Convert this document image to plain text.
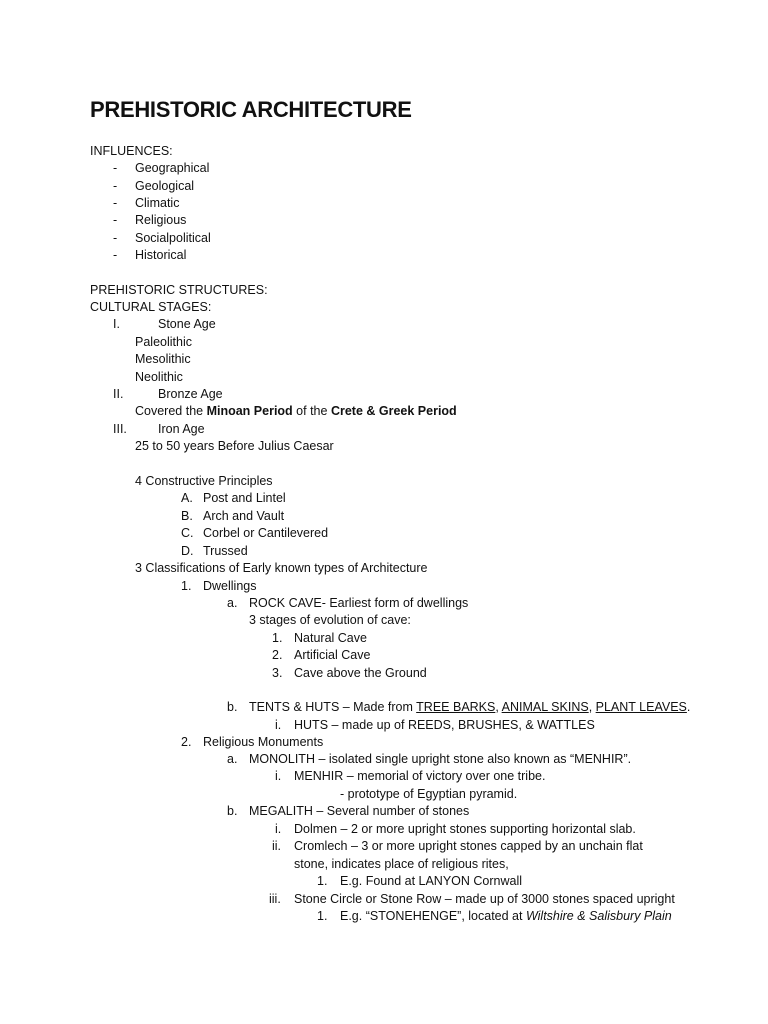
PREHISTORIC ARCHITECTURE
INFLUENCES:
- Geographical
- Geological
- Climatic
- Religious
- Socialpolitical
- Historical
PREHISTORIC STRUCTURES:
CULTURAL STAGES:
I.	Stone Age
Paleolithic
Mesolithic
Neolithic
II.	Bronze Age
Covered the Minoan Period of the Crete & Greek Period
III. Iron Age
25 to 50 years Before Julius Caesar
4 Constructive Principles
A. Post and Lintel
B. Arch and Vault
C. Corbel or Cantilevered
D. Trussed
3 Classifications of Early known types of Architecture
1. Dwellings
a. ROCK CAVE- Earliest form of dwellings
3 stages of evolution of cave:
1. Natural Cave
2. Artificial Cave
3. Cave above the Ground
b. TENTS & HUTS – Made from TREE BARKS, ANIMAL SKINS, PLANT LEAVES.
i. HUTS – made up of REEDS, BRUSHES, & WATTLES
2. Religious Monuments
a. MONOLITH – isolated single upright stone also known as “MENHIR”.
i. MENHIR – memorial of victory over one tribe.
- prototype of Egyptian pyramid.
b. MEGALITH – Several number of stones
i. Dolmen – 2 or more upright stones supporting horizontal slab.
ii. Cromlech – 3 or more upright stones capped by an unchain flat
stone, indicates place of religious rites,
1. E.g. Found at LANYON Cornwall
iii. Stone Circle or Stone Row – made up of 3000 stones spaced upright
1. E.g. “STONEHENGE”, located at Wiltshire & Salisbury Plain
